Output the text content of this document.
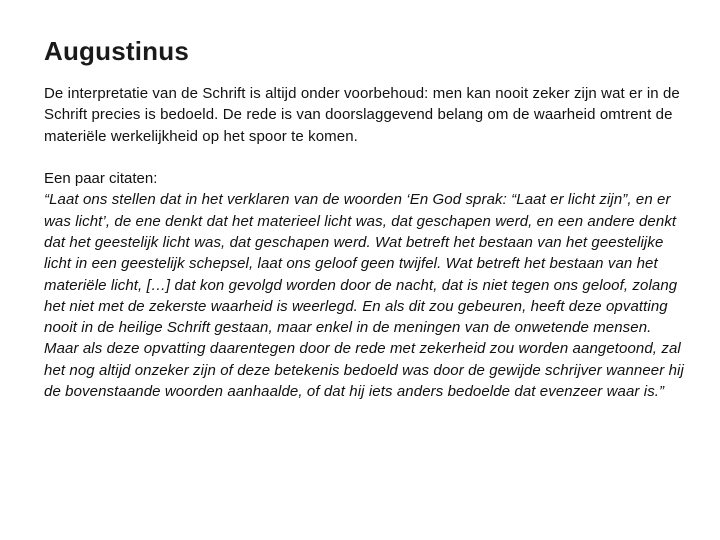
Augustinus

De interpretatie van de Schrift is altijd onder voorbehoud: men kan nooit zeker zijn wat er in de Schrift precies is bedoeld. De rede is van doorslaggevend belang om de waarheid omtrent de materiële werkelijkheid op het spoor te komen.

Een paar citaten:

“Laat ons stellen dat in het verklaren van de woorden ‘En God sprak: “Laat er licht zijn”, en er was licht’, de ene denkt dat het materieel licht was, dat geschapen werd, en een andere denkt dat het geestelijk licht was, dat geschapen werd. Wat betreft het bestaan van het geestelijke licht in een geestelijk schepsel, laat ons geloof geen twijfel. Wat betreft het bestaan van het materiële licht, […] dat kon gevolgd worden door de nacht, dat is niet tegen ons geloof, zolang het niet met de zekerste waarheid is weerlegd. En als dit zou gebeuren, heeft deze opvatting nooit in de heilige Schrift gestaan, maar enkel in de meningen van de onwetende mensen. Maar als deze opvatting daarentegen door de rede met zekerheid zou worden aangetoond, zal het nog altijd onzeker zijn of deze betekenis bedoeld was door de gewijde schrijver wanneer hij de bovenstaande woorden aanhaalde, of dat hij iets anders bedoelde dat evenzeer waar is.”
